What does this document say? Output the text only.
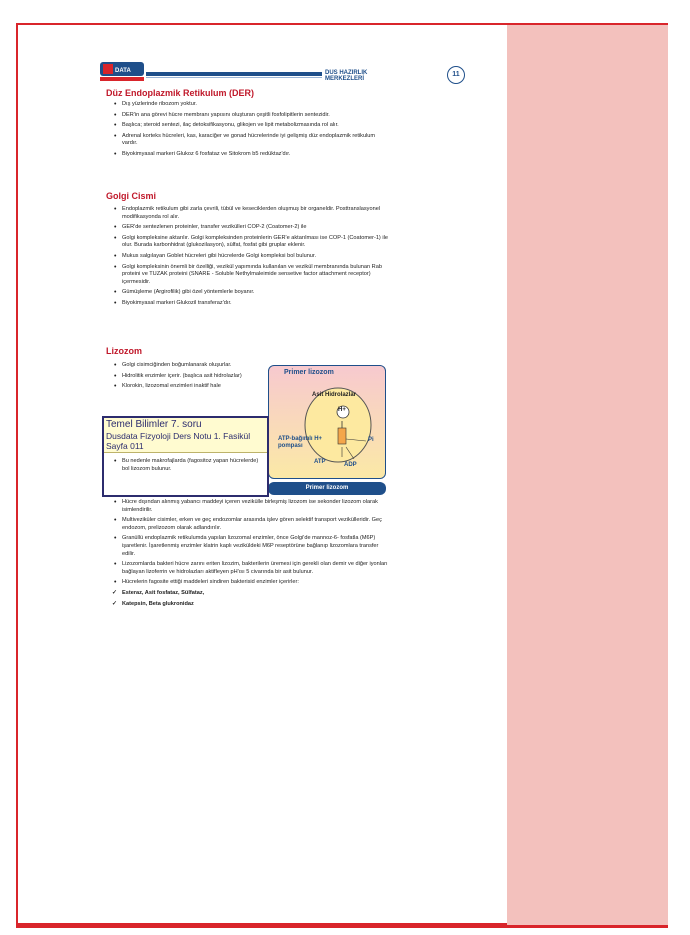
DATA	DUS HAZIRLIK MERKEZLERİ
11
Düz Endoplazmik Retikulum (DER)
• Dış yüzlerinde ribozom yoktur.
• DER'in ana görevi hücre membranı yapısını oluşturan çeşitli fosfolipitlerin sentezidir.
• Başlıca; steroid sentezi, ilaç detoksifikasyonu, glikojen ve lipit metabolizmasında rol alır.
• Adrenal korteks hücreleri, kas, karaciğer ve gonad hücrelerinde iyi gelişmiş düz endoplazmik retikulum vardır.
• Biyokimyasal markeri Glukoz 6 fosfataz ve Sitokrom b5 redüktaz'dır.
Golgi Cismi
• Endoplazmik retikulum gibi zarla çevrili, tübül ve keseciklerden oluşmuş bir organeldir. Posttranslasyonel modifikasyonda rol alır.
• GER'de sentezlenen proteinler, transfer vezikülleri COP-2 (Coatomer-2) ile
• Golgi kompleksine aktarılır. Golgi kompleksinden proteinlerin GER'e aktarılması ise COP-1 (Coatomer-1) ile olur. Burada karbonhidrat (glukozilasyon), sülfat, fosfat gibi gruplar eklenir.
• Mukus salgılayan Goblet hücreleri gibi hücrelerde Golgi kompleksi bol bulunur.
• Golgi kompleksinin önemli bir özelliği, vezikül yapımında kullanılan ve vezikül membranında bulunan Rab proteini ve TUZAK proteini (SNARE - Soluble Nethylmaleimide sensetive factor attachment receptor) içermesidir.
• Gümüşleme (Argirofilik) gibi özel yöntemlerle boyanır.
• Biyokimyasal markeri Glukozil transferaz'dır.
Lizozom
• Golgi cisimciğinden boğumlanarak oluşurlar.
• Hidrolitik enzimler içerir. (başlıca asit hidrolazlar)
• Klorokin, lizozomal enzimleri inaktif hale
• Bu nedenle makrofajlarda (fagositoz yapan hücrelerde) bol lizozom bulunur.
Primer lizozom
Asit Hidrolazlar
H+
ATP-bağımlı H+ pompası
Pi
ATP	ADP
Primer lizozom
Temel Bilimler 7. soru
Dusdata Fizyoloji Ders Notu 1. Fasikül
Sayfa 011
• Hücre dışından alınmış yabancı maddeyi içeren vezikülle birleşmiş lizozom ise sekonder lizozom olarak isimlendirilir.
• Multiveziküler cisimler, erken ve geç endozomlar arasında işlev gören selektif transport vezikülleridir. Geç endozom, prelizozom olarak adlandırılır.
• Granüllü endoplazmik retikulumda yapılan lizozomal enzimler, önce Golgi'de mannoz-6- fosfatla (M6P) işaretlenir. İşaretlenmiş enzimler klatrin kaplı veziküldeki M6P reseptörüne bağlanıp lizozomlara transfer edilir.
• Lizozomlarda bakteri hücre zarını eriten lizozim, bakterilerin üremesi için gerekli olan demir ve diğer iyonları bağlayan lizoferrin ve hidrolazları aktifleyen pH'ısı 5 civarında bir asit bulunur.
• Hücrelerin fagosite ettiği maddeleri sindiren bakterisid enzimler içerirler:
✓ Esteraz, Asit fosfataz, Sülfataz,
✓ Katepsin, Beta glukronidaz
